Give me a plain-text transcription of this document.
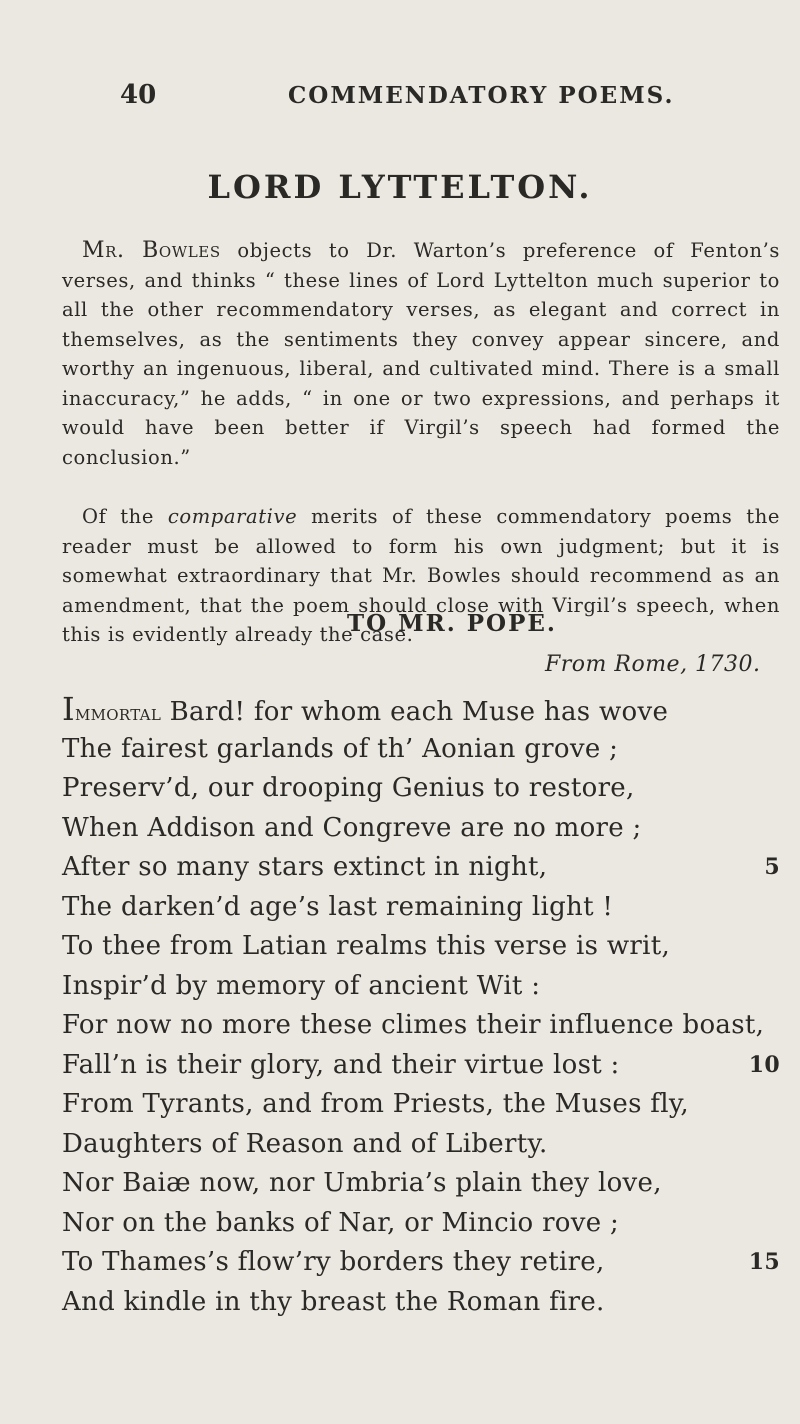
40	COMMENDATORY POEMS.
LORD LYTTELTON.

Mr. Bowles objects to Dr. Warton’s preference of Fenton’s verses, and thinks “ these lines of Lord Lyttelton much superior to all the other recommendatory verses, as elegant and correct in themselves, as the sentiments they convey appear sincere, and worthy an ingenuous, liberal, and cultivated mind. There is a small inaccuracy,” he adds, “ in one or two expressions, and perhaps it would have been better if Virgil’s speech had formed the conclusion.”

Of the comparative merits of these commendatory poems the reader must be allowed to form his own judgment; but it is somewhat extraordinary that Mr. Bowles should recommend as an amendment, that the poem should close with Virgil’s speech, when this is evidently already the case.

TO MR. POPE.
From Rome, 1730.
Immortal Bard! for whom each Muse has wove
The fairest garlands of th’ Aonian grove ;
Preserv’d, our drooping Genius to restore,
When Addison and Congreve are no more ;
After so many stars extinct in night,	5
The darken’d age’s last remaining light !
To thee from Latian realms this verse is writ,
Inspir’d by memory of ancient Wit :
For now no more these climes their influence boast,
Fall’n is their glory, and their virtue lost :	10
From Tyrants, and from Priests, the Muses fly,
Daughters of Reason and of Liberty.
Nor Baiæ now, nor Umbria’s plain they love,
Nor on the banks of Nar, or Mincio rove ;
To Thames’s flow’ry borders they retire,	15
And kindle in thy breast the Roman fire.
